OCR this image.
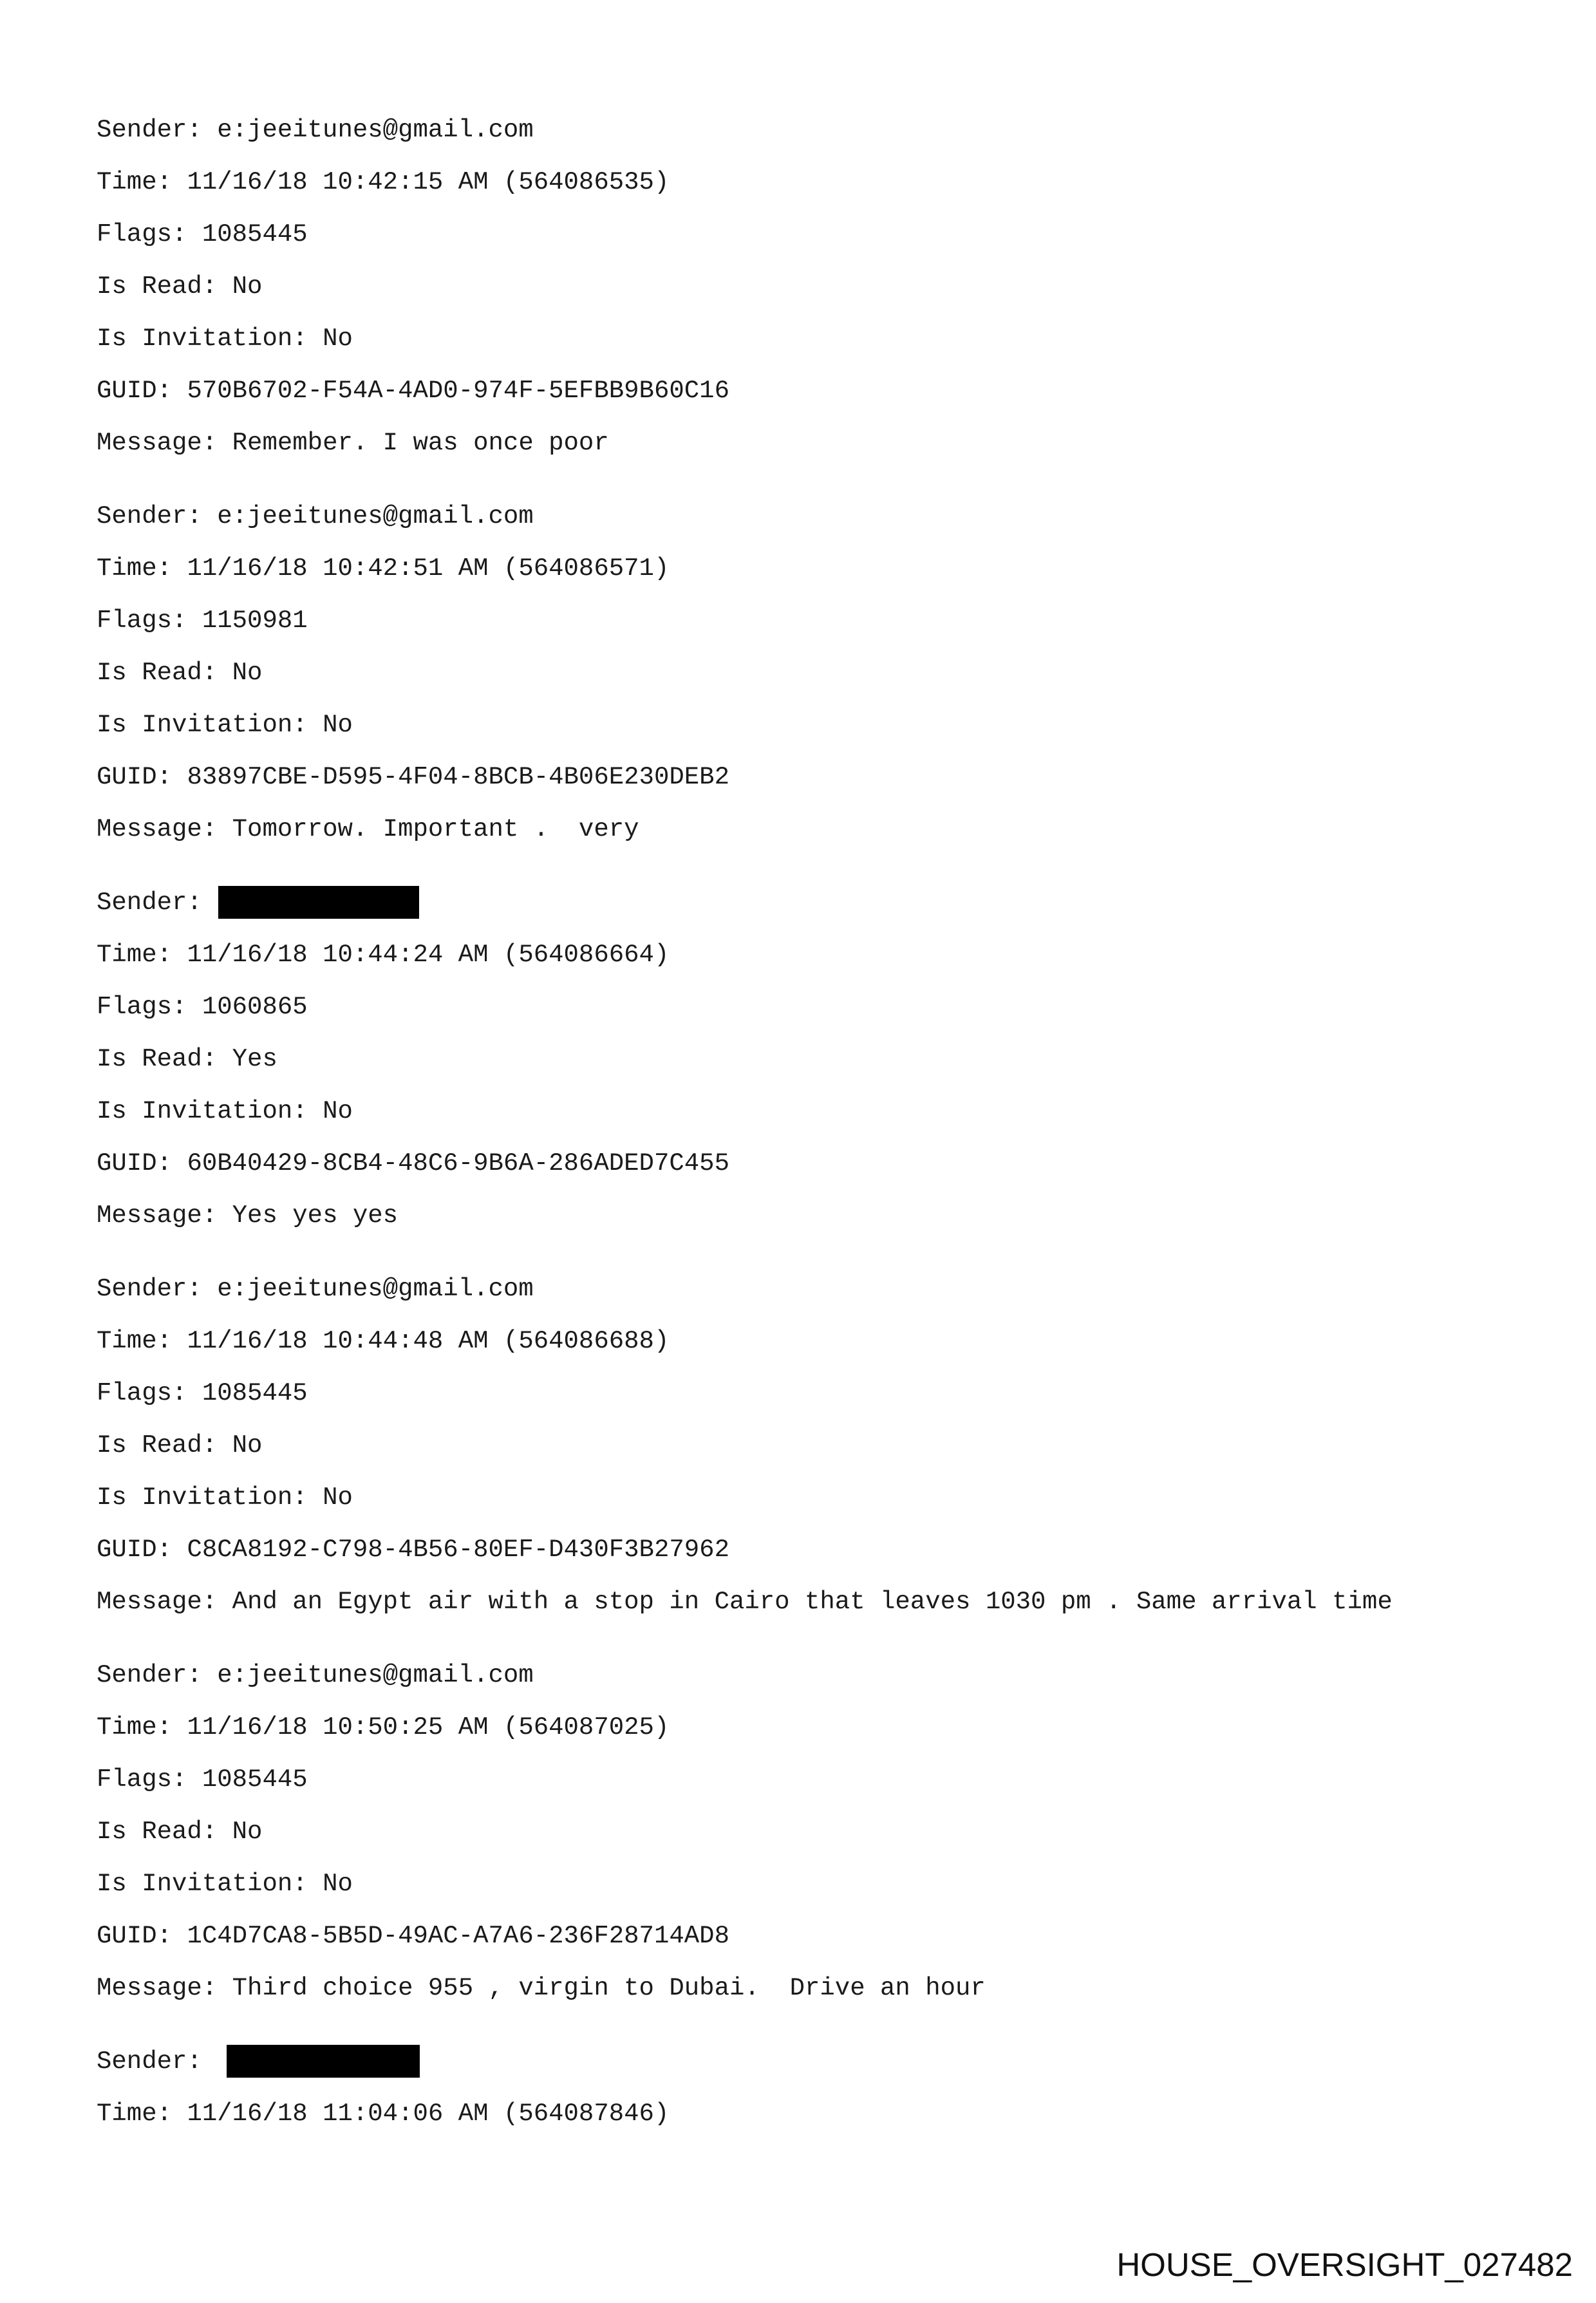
Sender: e:jeeitunes@gmail.com
Time: 11/16/18 10:42:15 AM (564086535)
Flags: 1085445
Is Read: No
Is Invitation: No
GUID: 570B6702-F54A-4AD0-974F-5EFBB9B60C16
Message: Remember. I was once poor
Sender: e:jeeitunes@gmail.com
Time: 11/16/18 10:42:51 AM (564086571)
Flags: 1150981
Is Read: No
Is Invitation: No
GUID: 83897CBE-D595-4F04-8BCB-4B06E230DEB2
Message: Tomorrow. Important .  very
Sender:
Time: 11/16/18 10:44:24 AM (564086664)
Flags: 1060865
Is Read: Yes
Is Invitation: No
GUID: 60B40429-8CB4-48C6-9B6A-286ADED7C455
Message: Yes yes yes
Sender: e:jeeitunes@gmail.com
Time: 11/16/18 10:44:48 AM (564086688)
Flags: 1085445
Is Read: No
Is Invitation: No
GUID: C8CA8192-C798-4B56-80EF-D430F3B27962
Message: And an Egypt air with a stop in Cairo that leaves 1030 pm . Same arrival time
Sender: e:jeeitunes@gmail.com
Time: 11/16/18 10:50:25 AM (564087025)
Flags: 1085445
Is Read: No
Is Invitation: No
GUID: 1C4D7CA8-5B5D-49AC-A7A6-236F28714AD8
Message: Third choice 955 , virgin to Dubai.  Drive an hour
Sender:
Time: 11/16/18 11:04:06 AM (564087846)
HOUSE_OVERSIGHT_027482
